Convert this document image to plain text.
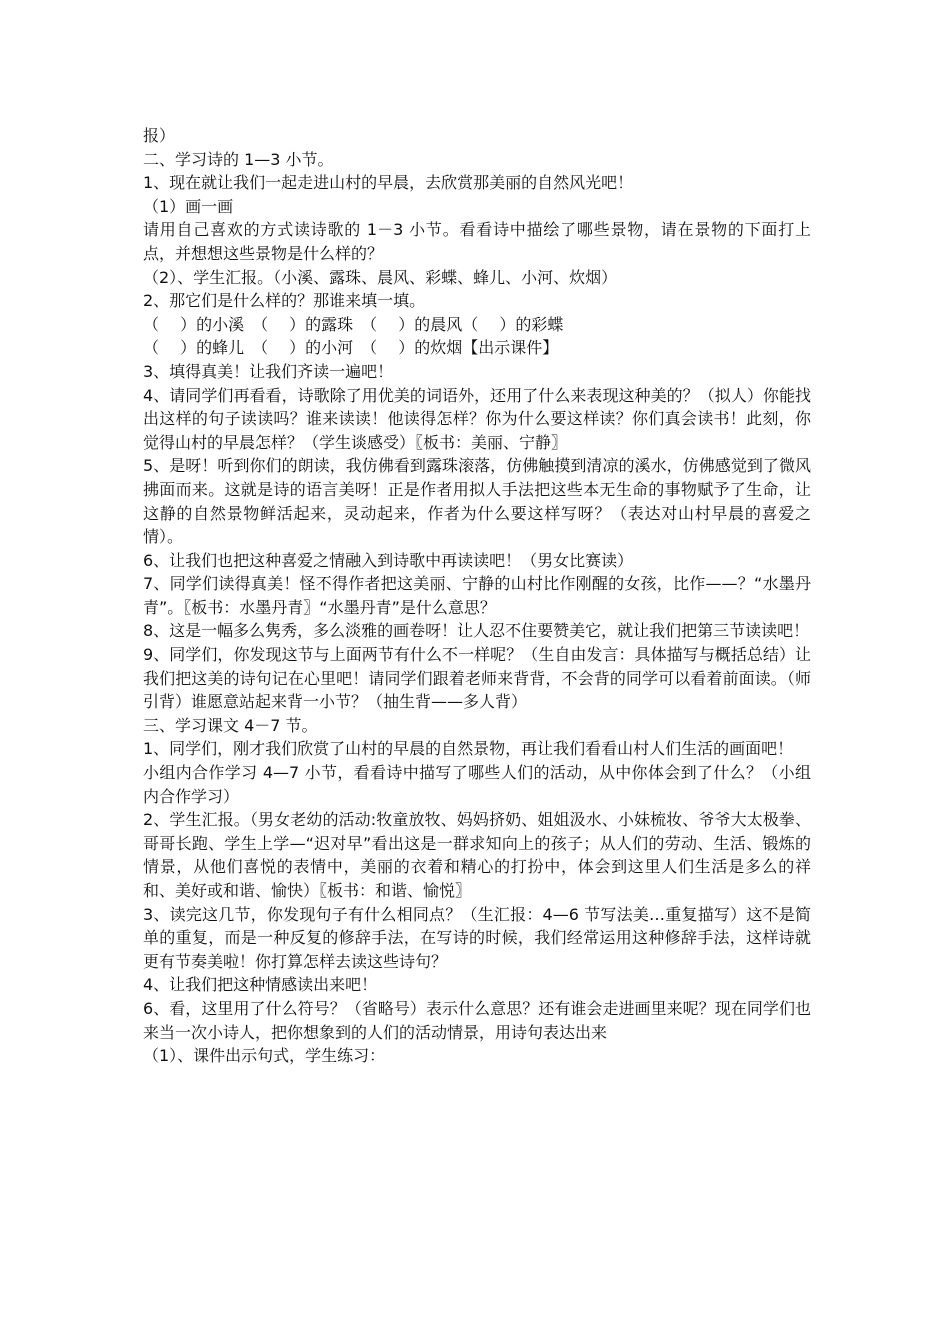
报）

二、学习诗的 1—3 小节。

1、现在就让我们一起走进山村的早晨，去欣赏那美丽的自然风光吧！

（1）画一画

请用自己喜欢的方式读诗歌的 1－3 小节。看看诗中描绘了哪些景物，请在景物的下面打上点，并想想这些景物是什么样的？

（2）、学生汇报。（小溪、露珠、晨风、彩蝶、蜂儿、小河、炊烟）

2、那它们是什么样的？那谁来填一填。

（　 ）的小溪　（　 ）的露珠　（　 ）的晨风（　 ）的彩蝶

（　 ）的蜂儿　（　 ）的小河　（　 ）的炊烟【出示课件】

3、填得真美！让我们齐读一遍吧！

4、请同学们再看看，诗歌除了用优美的词语外，还用了什么来表现这种美的？（拟人）你能找出这样的句子读读吗？谁来读读！他读得怎样？你为什么要这样读？你们真会读书！此刻，你觉得山村的早晨怎样？（学生谈感受）〖板书：美丽、宁静〗

5、是呀！听到你们的朗读，我仿佛看到露珠滚落，仿佛触摸到清凉的溪水，仿佛感觉到了微风拂面而来。这就是诗的语言美呀！正是作者用拟人手法把这些本无生命的事物赋予了生命，让这静的自然景物鲜活起来，灵动起来，作者为什么要这样写呀？（表达对山村早晨的喜爱之情）。

6、让我们也把这种喜爱之情融入到诗歌中再读读吧！（男女比赛读）

7、同学们读得真美！怪不得作者把这美丽、宁静的山村比作刚醒的女孩，比作——？“水墨丹青”。〖板书：水墨丹青〗“水墨丹青”是什么意思？

8、这是一幅多么隽秀，多么淡雅的画卷呀！让人忍不住要赞美它，就让我们把第三节读读吧！

9、同学们，你发现这节与上面两节有什么不一样呢？（生自由发言：具体描写与概括总结）让我们把这美的诗句记在心里吧！请同学们跟着老师来背背，不会背的同学可以看着前面读。（师引背）谁愿意站起来背一小节？（抽生背——多人背）

三、学习课文 4－7 节。

1、同学们，刚才我们欣赏了山村的早晨的自然景物，再让我们看看山村人们生活的画面吧！

小组内合作学习 4—7 小节，看看诗中描写了哪些人们的活动，从中你体会到了什么？（小组内合作学习）

2、学生汇报。（男女老幼的活动:牧童放牧、妈妈挤奶、姐姐汲水、小妹梳妆、爷爷大太极拳、哥哥长跑、学生上学—“迟对早”看出这是一群求知向上的孩子；从人们的劳动、生活、锻炼的情景，从他们喜悦的表情中，美丽的衣着和精心的打扮中，体会到这里人们生活是多么的祥和、美好或和谐、愉快）〖板书：和谐、愉悦〗

3、读完这几节，你发现句子有什么相同点？（生汇报：4—6 节写法美…重复描写）这不是简单的重复，而是一种反复的修辞手法，在写诗的时候，我们经常运用这种修辞手法，这样诗就更有节奏美啦！你打算怎样去读这些诗句？

4、让我们把这种情感读出来吧！

6、看，这里用了什么符号？（省略号）表示什么意思？还有谁会走进画里来呢？现在同学们也来当一次小诗人，把你想象到的人们的活动情景，用诗句表达出来

（1）、课件出示句式，学生练习：
